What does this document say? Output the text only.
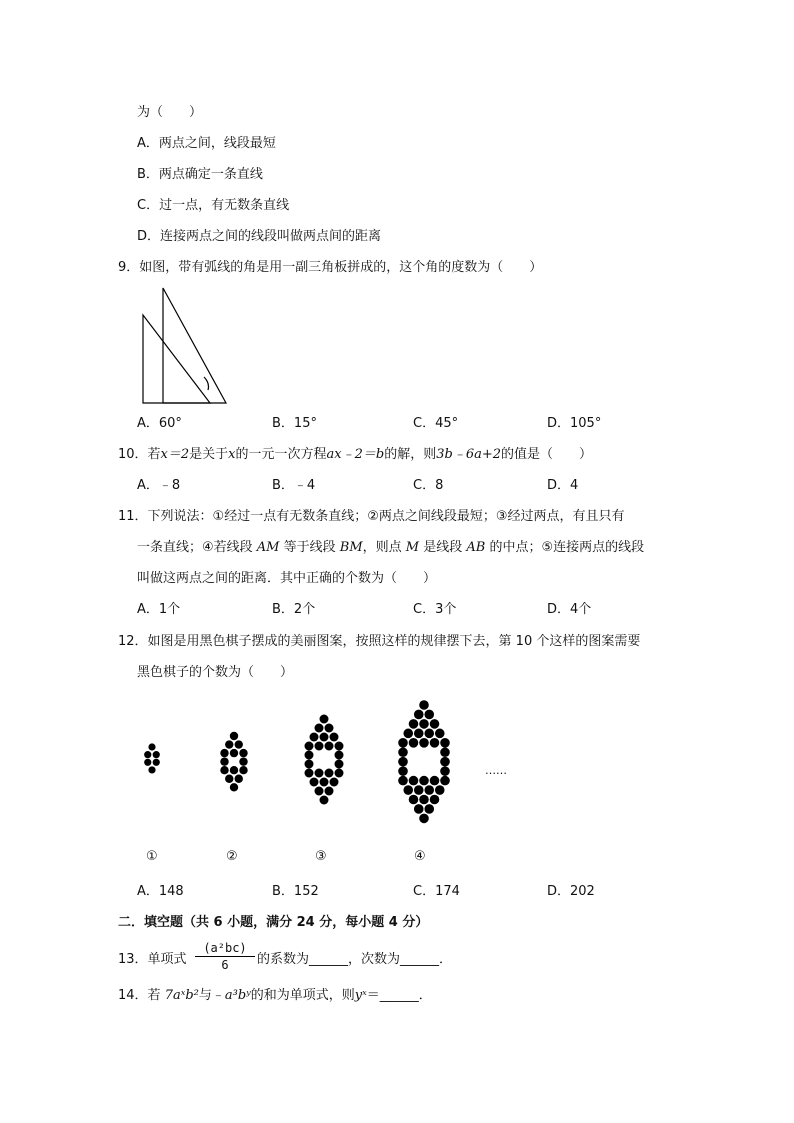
为（　　）
A．两点之间，线段最短
B．两点确定一条直线
C．过一点，有无数条直线
D．连接两点之间的线段叫做两点间的距离
9．如图，带有弧线的角是用一副三角板拼成的，这个角的度数为（　　）
A．60°	B．15°	C．45°	D．105°
10．若x＝2是关于x的一元一次方程ax﹣2＝b的解，则3b﹣6a+2的值是（　　）
A．﹣8	B．﹣4	C．8	D．4
11．下列说法：①经过一点有无数条直线；②两点之间线段最短；③经过两点，有且只有
一条直线；④若线段 AM 等于线段 BM，则点 M 是线段 AB 的中点；⑤连接两点的线段
叫做这两点之间的距离．其中正确的个数为（　　）
A．1个	B．2个	C．3个	D．4个
12．如图是用黑色棋子摆成的美丽图案，按照这样的规律摆下去，第 10 个这样的图案需要
黑色棋子的个数为（　　）
①	②	③	④
……
A．148	B．152	C．174	D．202
二．填空题（共 6 小题，满分 24 分，每小题 4 分）
13．单项式 $\frac{\text{(a²bc)}}{6}$ 的系数为______，次数为______．
14．若 7aˣb²与﹣a³bʸ的和为单项式，则yˣ＝______．
